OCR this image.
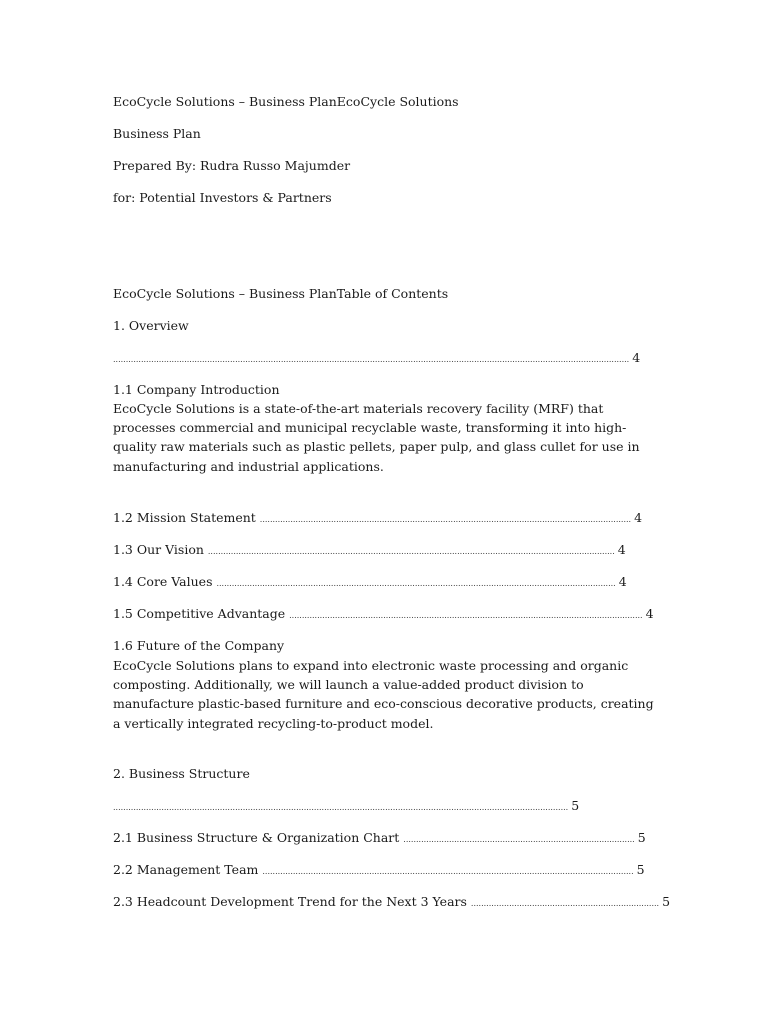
EcoCycle Solutions – Business PlanEcoCycle Solutions
Business Plan
Prepared By: Rudra Russo Majumder
for: Potential Investors & Partners
EcoCycle Solutions – Business PlanTable of Contents
1. Overview
........................................................................................................................................................................................................... 4
1.1 Company Introduction
EcoCycle Solutions is a state-of-the-art materials recovery facility (MRF) that processes commercial and municipal recyclable waste, transforming it into high-quality raw materials such as plastic pellets, paper pulp, and glass cullet for use in manufacturing and industrial applications.
1.2 Mission Statement .................................................................................................................................................. 4
1.3 Our Vision ................................................................................................................................................................ 4
1.4 Core Values ............................................................................................................................................................. 4
1.5 Competitive Advantage ........................................................................................................................................... 4
1.6 Future of the Company
EcoCycle Solutions plans to expand into electronic waste processing and organic composting. Additionally, we will launch a value-added product division to manufacture plastic-based furniture and eco-conscious decorative products, creating a vertically integrated recycling-to-product model.
2. Business Structure
................................................................................................................................................................................... 5
2.1 Business Structure & Organization Chart ........................................................................................... 5
2.2 Management Team .................................................................................................................................................. 5
2.3 Headcount Development Trend for the Next 3 Years .......................................................................... 5
